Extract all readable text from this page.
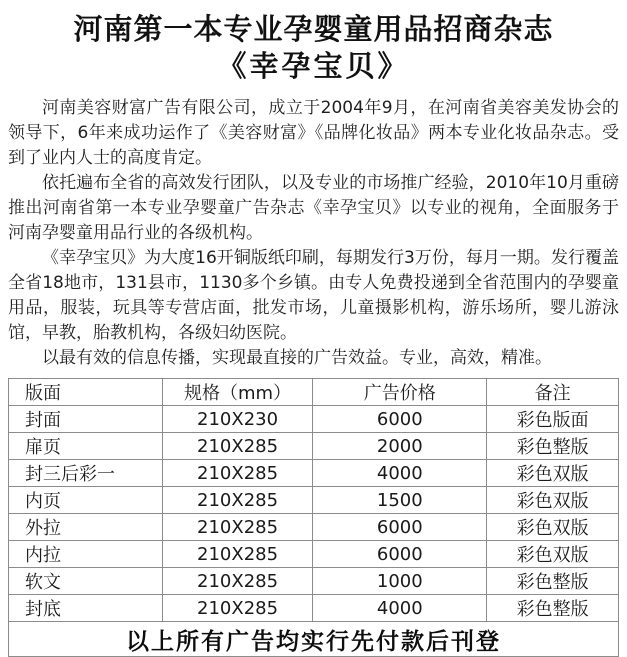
河南第一本专业孕婴童用品招商杂志
《幸孕宝贝》

河南美容财富广告有限公司，成立于2004年9月，在河南省美容美发协会的领导下，6年来成功运作了《美容财富》《品牌化妆品》两本专业化妆品杂志。受到了业内人士的高度肯定。

依托遍布全省的高效发行团队，以及专业的市场推广经验，2010年10月重磅推出河南省第一本专业孕婴童广告杂志《幸孕宝贝》以专业的视角，全面服务于河南孕婴童用品行业的各级机构。

《幸孕宝贝》为大度16开铜版纸印刷，每期发行3万份，每月一期。发行覆盖全省18地市，131县市，1130多个乡镇。由专人免费投递到全省范围内的孕婴童用品，服装，玩具等专营店面，批发市场，儿童摄影机构，游乐场所，婴儿游泳馆，早教，胎教机构，各级妇幼医院。

以最有效的信息传播，实现最直接的广告效益。专业，高效，精准。

版面	规格（mm）	广告价格	备注
封面	210X230	6000	彩色版面
扉页	210X285	2000	彩色整版
封三后彩一	210X285	4000	彩色双版
内页	210X285	1500	彩色双版
外拉	210X285	6000	彩色双版
内拉	210X285	6000	彩色双版
软文	210X285	1000	彩色整版
封底	210X285	4000	彩色整版
以上所有广告均实行先付款后刊登			
